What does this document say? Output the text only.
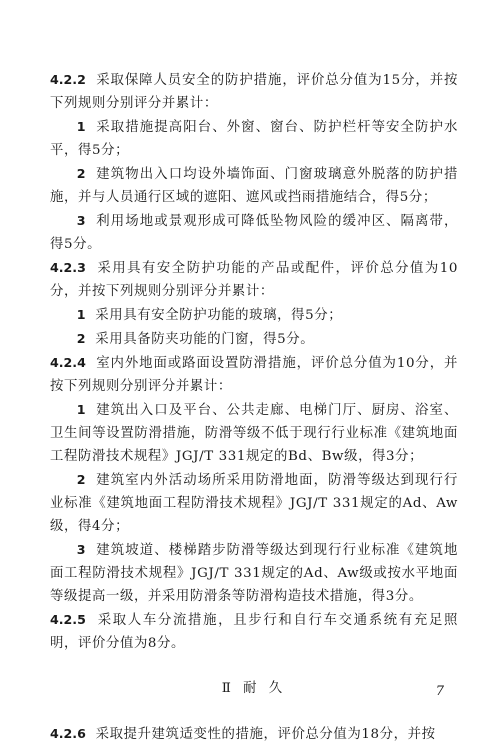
4.2.2 采取保障人员安全的防护措施，评价总分值为15分，并按下列规则分别评分并累计：

1 采取措施提高阳台、外窗、窗台、防护栏杆等安全防护水平，得5分；

2 建筑物出入口均设外墙饰面、门窗玻璃意外脱落的防护措施，并与人员通行区域的遮阳、遮风或挡雨措施结合，得5分；

3 利用场地或景观形成可降低坠物风险的缓冲区、隔离带，得5分。

4.2.3 采用具有安全防护功能的产品或配件，评价总分值为10分，并按下列规则分别评分并累计：

1 采用具有安全防护功能的玻璃，得5分；

2 采用具备防夹功能的门窗，得5分。

4.2.4 室内外地面或路面设置防滑措施，评价总分值为10分，并按下列规则分别评分并累计：

1 建筑出入口及平台、公共走廊、电梯门厅、厨房、浴室、卫生间等设置防滑措施，防滑等级不低于现行行业标准《建筑地面工程防滑技术规程》JGJ/T 331规定的Bd、Bw级，得3分；

2 建筑室内外活动场所采用防滑地面，防滑等级达到现行行业标准《建筑地面工程防滑技术规程》JGJ/T 331规定的Ad、Aw级，得4分；

3 建筑坡道、楼梯踏步防滑等级达到现行行业标准《建筑地面工程防滑技术规程》JGJ/T 331规定的Ad、Aw级或按水平地面等级提高一级，并采用防滑条等防滑构造技术措施，得3分。

4.2.5 采取人车分流措施，且步行和自行车交通系统有充足照明，评价分值为8分。

Ⅱ 耐 久

4.2.6 采取提升建筑适变性的措施，评价总分值为18分，并按

7
